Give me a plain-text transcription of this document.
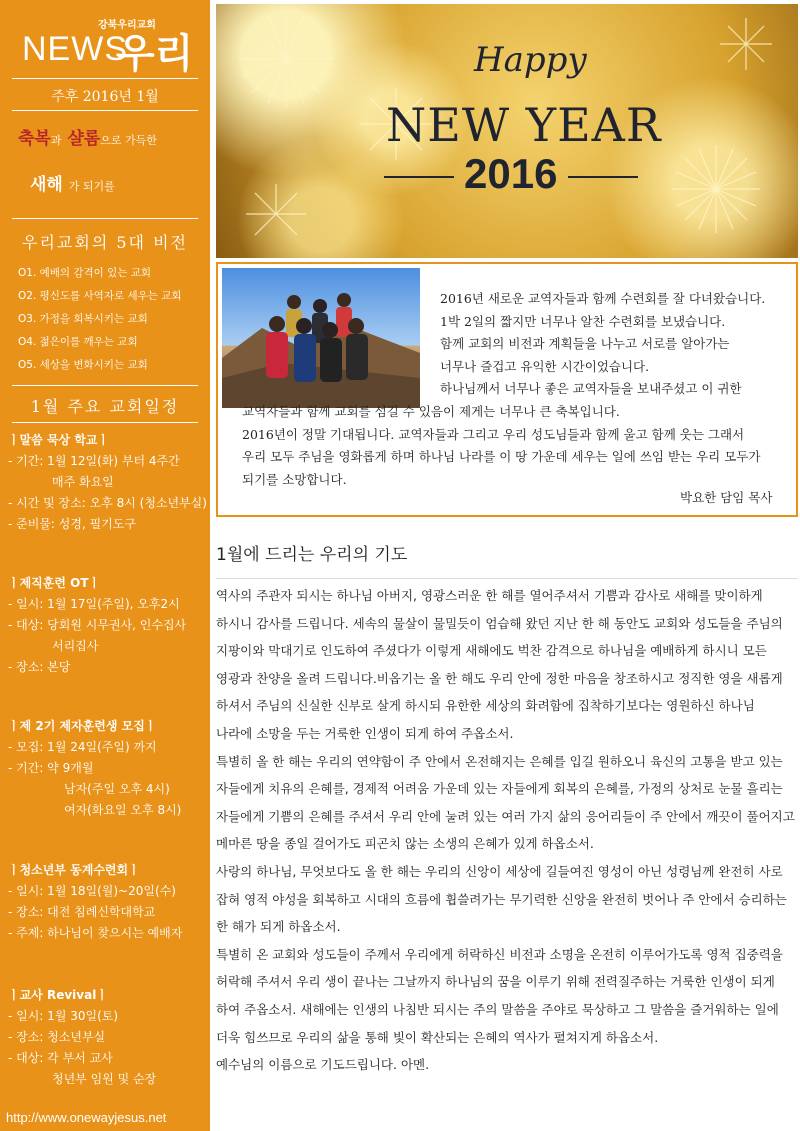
강북우리교회
NEWS
우리
주후 2016년 1월
축복과 샬롬으로 가득한
새해 가 되기를
우리교회의 5대 비전
O1. 예배의 감격이 있는 교회
O2. 평신도를 사역자로 세우는 교회
O3. 가정을 회복시키는 교회
O4. 젊은이를 깨우는 교회
O5. 세상을 변화시키는 교회
1월 주요 교회일정
ㅣ말씀 묵상 학교ㅣ
- 기간: 1월 12일(화) 부터 4주간
매주 화요일
- 시간 및 장소: 오후 8시 (청소년부실)
- 준비물: 성경, 필기도구
ㅣ제직훈련 OTㅣ
- 일시: 1월 17일(주일), 오후2시
- 대상: 당회원 시무권사, 인수집사
서리집사
- 장소: 본당
ㅣ제 2기 제자훈련생 모집ㅣ
- 모집: 1월 24일(주일) 까지
- 기간: 약 9개월
남자(주일 오후 4시)
여자(화요일 오후 8시)
ㅣ청소년부 동계수련회ㅣ
- 일시: 1월 18일(월)~20일(수)
- 장소: 대전 침례신학대학교
- 주제: 하나님이 찾으시는 예배자
ㅣ교사 Revivalㅣ
- 일시: 1월 30일(토)
- 장소: 청소년부실
- 대상: 각 부서 교사
청년부 임원 및 순장
http://www.onewayjesus.net
Happy
NEW YEAR
2016
2016년 새로운 교역자들과 함께 수련회를 잘 다녀왔습니다.
1박 2일의 짧지만 너무나 알찬 수련회를 보냈습니다.
함께 교회의 비전과 계획들을 나누고 서로를 알아가는
너무나 즐겁고 유익한 시간이었습니다.
하나님께서 너무나 좋은 교역자들을 보내주셨고 이 귀한
교역자들과 함께 교회를 섬길 수 있음이 제게는 너무나 큰 축복입니다.
2016년이 정말 기대됩니다. 교역자들과 그리고 우리 성도님들과 함께 울고 함께 웃는 그래서
우리 모두 주님을 영화롭게 하며 하나님 나라를 이 땅 가운데 세우는 일에 쓰임 받는 우리 모두가
되기를 소망합니다.
박요한 담임 목사
1월에 드리는 우리의 기도

역사의 주관자 되시는 하나님 아버지, 영광스러운 한 해를 열어주셔서 기쁨과 감사로 새해를 맞이하게

하시니 감사를 드립니다. 세속의 물살이 물밀듯이 엄습해 왔던 지난 한 해 동안도 교회와 성도들을 주님의

지팡이와 막대기로 인도하여 주셨다가 이렇게 새해에도 벅찬 감격으로 하나님을 예배하게 하시니 모든

영광과 찬양을 올려 드립니다.비옵기는 올 한 해도 우리 안에 정한 마음을 창조하시고 정직한 영을 새롭게

하셔서 주님의 신실한 신부로 살게 하시되 유한한 세상의 화려함에 집착하기보다는 영원하신 하나님

나라에 소망을 두는 거룩한 인생이 되게 하여 주옵소서.

특별히 올 한 해는 우리의 연약함이 주 안에서 온전해지는 은혜를 입길 원하오니 육신의 고통을 받고 있는

자들에게 치유의 은혜를, 경제적 어려움 가운데 있는 자들에게 회복의 은혜를, 가정의 상처로 눈물 흘리는

자들에게 기쁨의 은혜를 주셔서 우리 안에 눌려 있는 여러 가지 삶의 응어리들이 주 안에서 깨끗이 풀어지고

메마른 땅을 종일 걸어가도 피곤치 않는 소생의 은혜가 있게 하옵소서.

사랑의 하나님, 무엇보다도 올 한 해는 우리의 신앙이 세상에 길들여진 영성이 아닌 성령님께 완전히 사로

잡혀 영적 야성을 회복하고 시대의 흐름에 휩쓸려가는 무기력한 신앙을 완전히 벗어나 주 안에서 승리하는

한 해가 되게 하옵소서.

특별히 온 교회와 성도들이 주께서 우리에게 허락하신 비전과 소명을 온전히 이루어가도록 영적 집중력을

허락해 주셔서 우리 생이 끝나는 그날까지 하나님의 꿈을 이루기 위해 전력질주하는 거룩한 인생이 되게

하여 주옵소서. 새해에는 인생의 나침반 되시는 주의 말씀을 주야로 묵상하고 그 말씀을 즐거워하는 일에

더욱 힘쓰므로 우리의 삶을 통해 빛이 확산되는 은혜의 역사가 펼쳐지게 하옵소서.

예수님의 이름으로 기도드립니다. 아멘.
